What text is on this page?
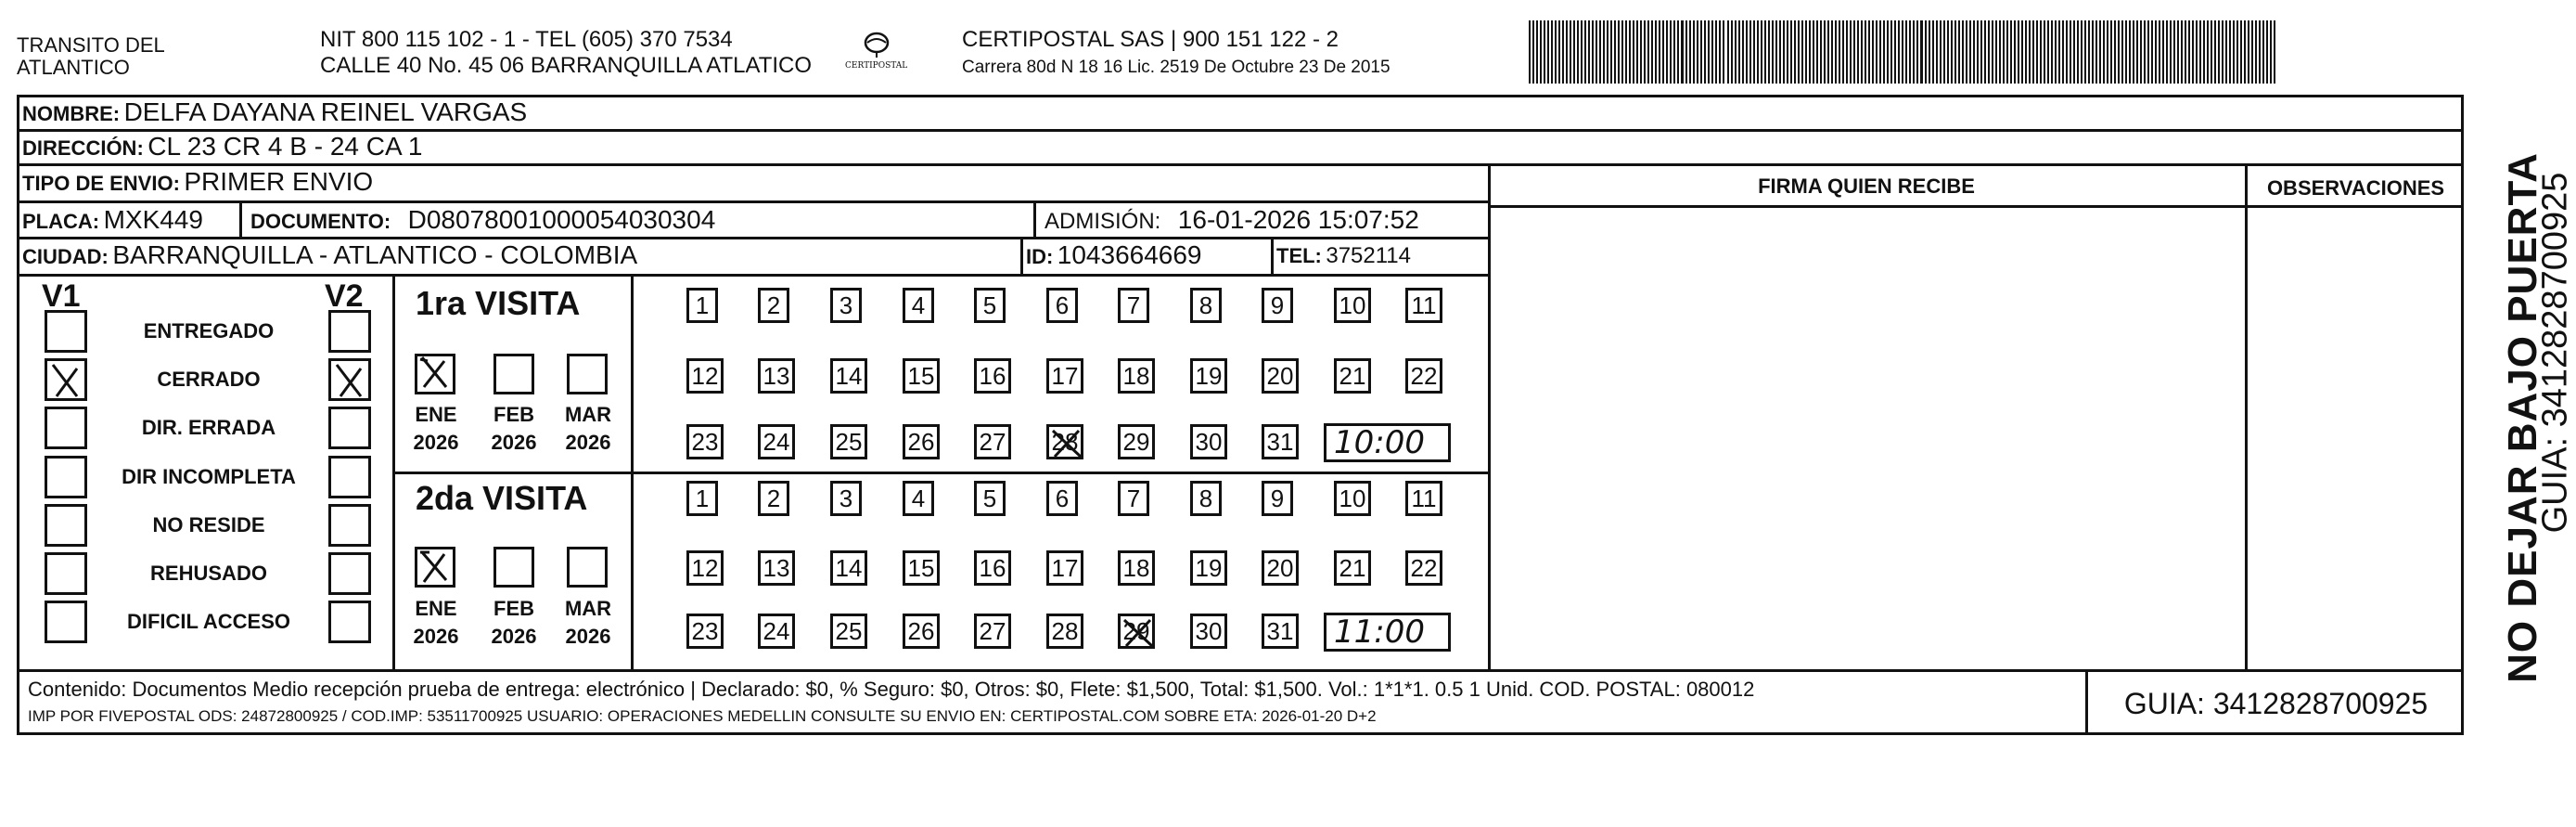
TRANSITO DEL
ATLANTICO
NIT 800 115 102 - 1 - TEL (605) 370 7534
CALLE 40 No. 45 06 BARRANQUILLA ATLATICO	CERTIPOSTAL
CERTIPOSTAL SAS | 900 151 122 - 2
Carrera 80d N 18 16 Lic. 2519 De Octubre 23 De 2015
NOMBRE: DELFA DAYANA REINEL VARGAS
DIRECCIÓN: CL 23 CR 4 B - 24 CA 1
TIPO DE ENVIO: PRIMER ENVIO
PLACA: MXK449 DOCUMENTO: D08078001000054030304	ADMISIÓN: 16-01-2026 15:07:52
CIUDAD: BARRANQUILLA - ATLANTICO - COLOMBIA	ID: 1043664669	TEL: 3752114
FIRMA QUIEN RECIBE	OBSERVACIONES
V1	V2
ENTREGADO
CERRADO
DIR. ERRADA
DIR INCOMPLETA
NO RESIDE
REHUSADO
DIFICIL ACCESO
1ra VISITA
2da VISITA
ENE
2026
FEB
2026
MAR
2026
ENE
2026
FEB
2026
MAR
2026
1 2 3 4 5 6 7 8 9 10 11
12 13 14 15 16 17 18 19 20 21 22
23 24 25 26 27 28 29 30 31
1 2 3 4 5 6 7 8 9 10 11
12 13 14 15 16 17 18 19 20 21 22
23 24 25 26 27 28 29 30 31
10:00
11:00
Contenido: Documentos Medio recepción prueba de entrega: electrónico | Declarado: $0, % Seguro: $0, Otros: $0, Flete: $1,500, Total: $1,500. Vol.: 1*1*1. 0.5 1 Unid. COD. POSTAL: 080012
IMP POR FIVEPOSTAL ODS: 24872800925 / COD.IMP: 53511700925 USUARIO: OPERACIONES MEDELLIN CONSULTE SU ENVIO EN: CERTIPOSTAL.COM SOBRE ETA: 2026-01-20 D+2	GUIA: 3412828700925
NO DEJAR BAJO PUERTA
GUIA: 3412828700925
